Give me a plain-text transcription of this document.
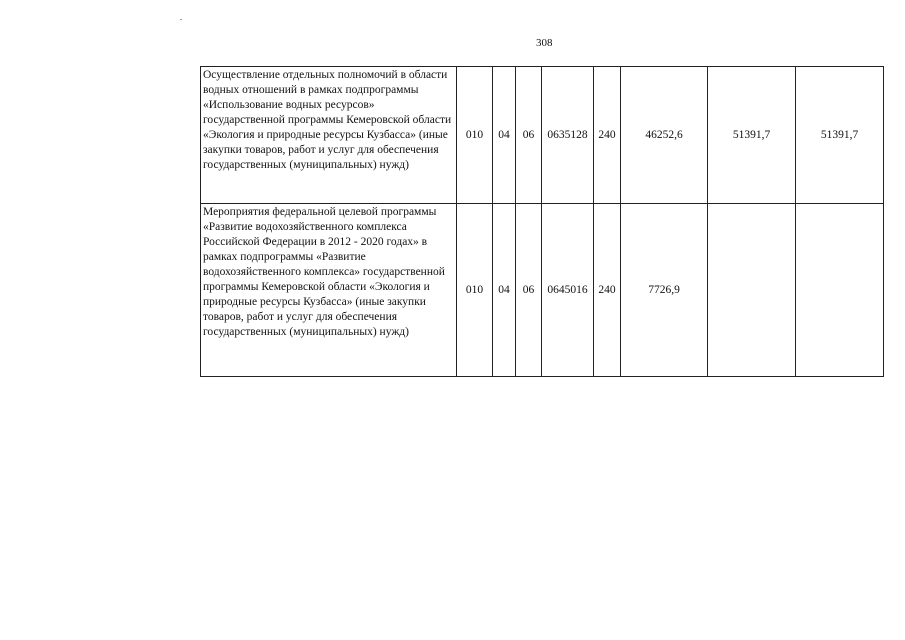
308
Осуществление отдельных полномочий в области водных отношений в рамках подпрограммы «Использование водных ресурсов» государственной программы Кемеровской области «Экология и природные ресурсы Кузбасса» (иные закупки товаров, работ и услуг для обеспечения государственных (муниципальных) нужд)	010	04	06	0635128	240	46252,6	51391,7	51391,7
Мероприятия федеральной целевой программы «Развитие водохозяйственного комплекса Российской Федерации в 2012 - 2020 годах» в рамках подпрограммы «Развитие водохозяйственного комплекса» государственной программы Кемеровской области «Экология и природные ресурсы Кузбасса» (иные закупки товаров, работ и услуг для обеспечения государственных (муниципальных) нужд)	010	04	06	0645016	240	7726,9		
